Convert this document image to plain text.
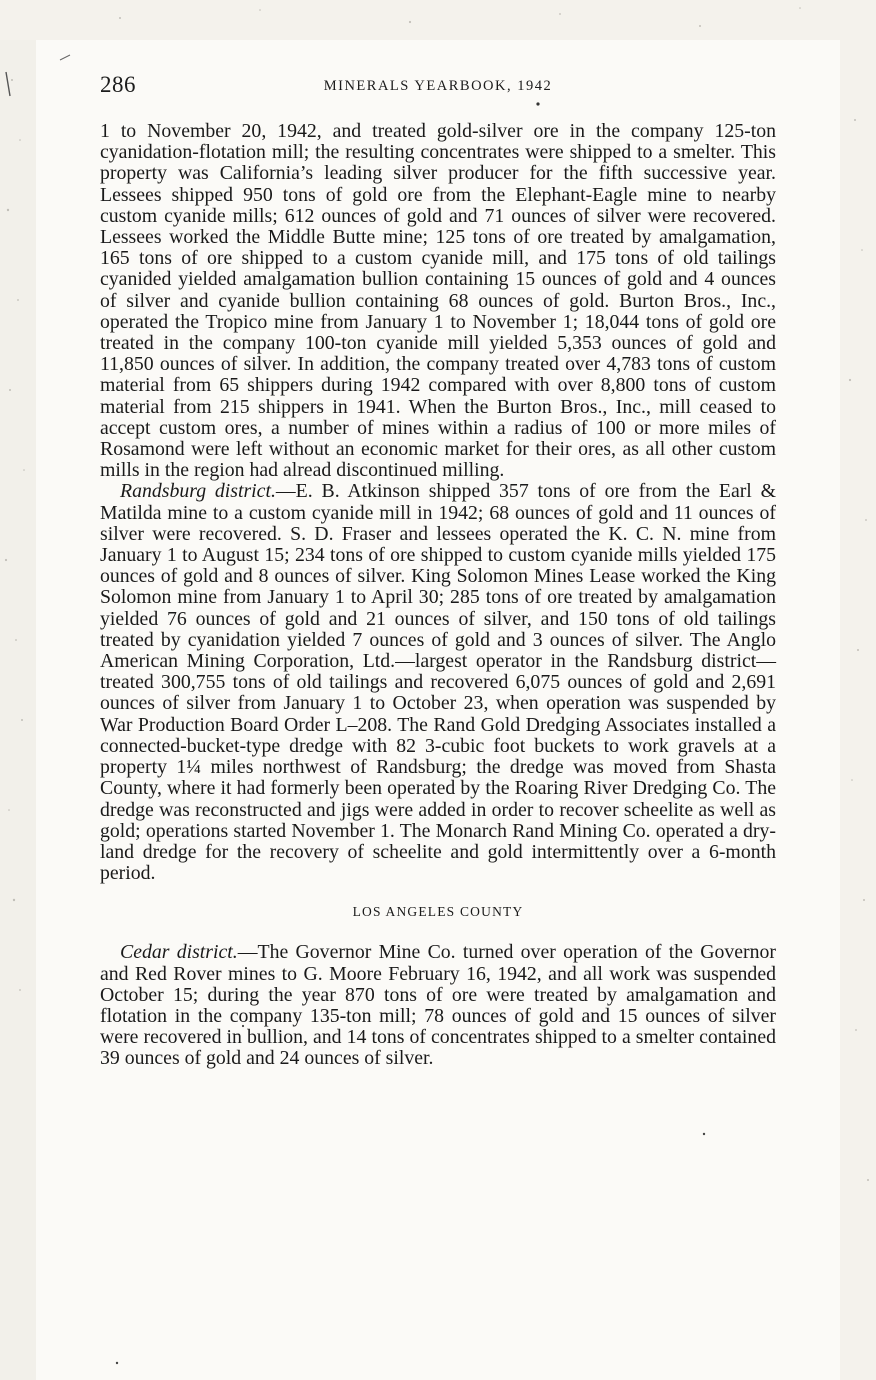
286	MINERALS YEARBOOK, 1942

1 to November 20, 1942, and treated gold-silver ore in the company 125-ton cyanidation-flotation mill; the resulting concentrates were shipped to a smelter. This property was California’s leading silver producer for the fifth successive year. Lessees shipped 950 tons of gold ore from the Elephant-Eagle mine to nearby custom cyanide mills; 612 ounces of gold and 71 ounces of silver were recovered. Lessees worked the Middle Butte mine; 125 tons of ore treated by amalgamation, 165 tons of ore shipped to a custom cyanide mill, and 175 tons of old tailings cyanided yielded amalgamation bullion containing 15 ounces of gold and 4 ounces of silver and cyanide bullion containing 68 ounces of gold. Burton Bros., Inc., operated the Tropico mine from January 1 to November 1; 18,044 tons of gold ore treated in the company 100-ton cyanide mill yielded 5,353 ounces of gold and 11,850 ounces of silver. In addition, the company treated over 4,783 tons of custom material from 65 shippers during 1942 compared with over 8,800 tons of custom material from 215 shippers in 1941. When the Burton Bros., Inc., mill ceased to accept custom ores, a number of mines within a radius of 100 or more miles of Rosamond were left without an economic market for their ores, as all other custom mills in the region had alread discontinued milling.

Randsburg district.—E. B. Atkinson shipped 357 tons of ore from the Earl & Matilda mine to a custom cyanide mill in 1942; 68 ounces of gold and 11 ounces of silver were recovered. S. D. Fraser and lessees operated the K. C. N. mine from January 1 to August 15; 234 tons of ore shipped to custom cyanide mills yielded 175 ounces of gold and 8 ounces of silver. King Solomon Mines Lease worked the King Solomon mine from January 1 to April 30; 285 tons of ore treated by amalgamation yielded 76 ounces of gold and 21 ounces of silver, and 150 tons of old tailings treated by cyanidation yielded 7 ounces of gold and 3 ounces of silver. The Anglo American Mining Corporation, Ltd.—largest operator in the Randsburg district—treated 300,755 tons of old tailings and recovered 6,075 ounces of gold and 2,691 ounces of silver from January 1 to October 23, when operation was suspended by War Production Board Order L–208. The Rand Gold Dredging Associates installed a connected-bucket-type dredge with 82 3-cubic foot buckets to work gravels at a property 1¼ miles northwest of Randsburg; the dredge was moved from Shasta County, where it had formerly been operated by the Roaring River Dredging Co. The dredge was reconstructed and jigs were added in order to recover scheelite as well as gold; operations started November 1. The Monarch Rand Mining Co. operated a dry-land dredge for the recovery of scheelite and gold intermittently over a 6-month period.

LOS ANGELES COUNTY

Cedar district.—The Governor Mine Co. turned over operation of the Governor and Red Rover mines to G. Moore February 16, 1942, and all work was suspended October 15; during the year 870 tons of ore were treated by amalgamation and flotation in the company 135-ton mill; 78 ounces of gold and 15 ounces of silver were recovered in bullion, and 14 tons of concentrates shipped to a smelter contained 39 ounces of gold and 24 ounces of silver.
